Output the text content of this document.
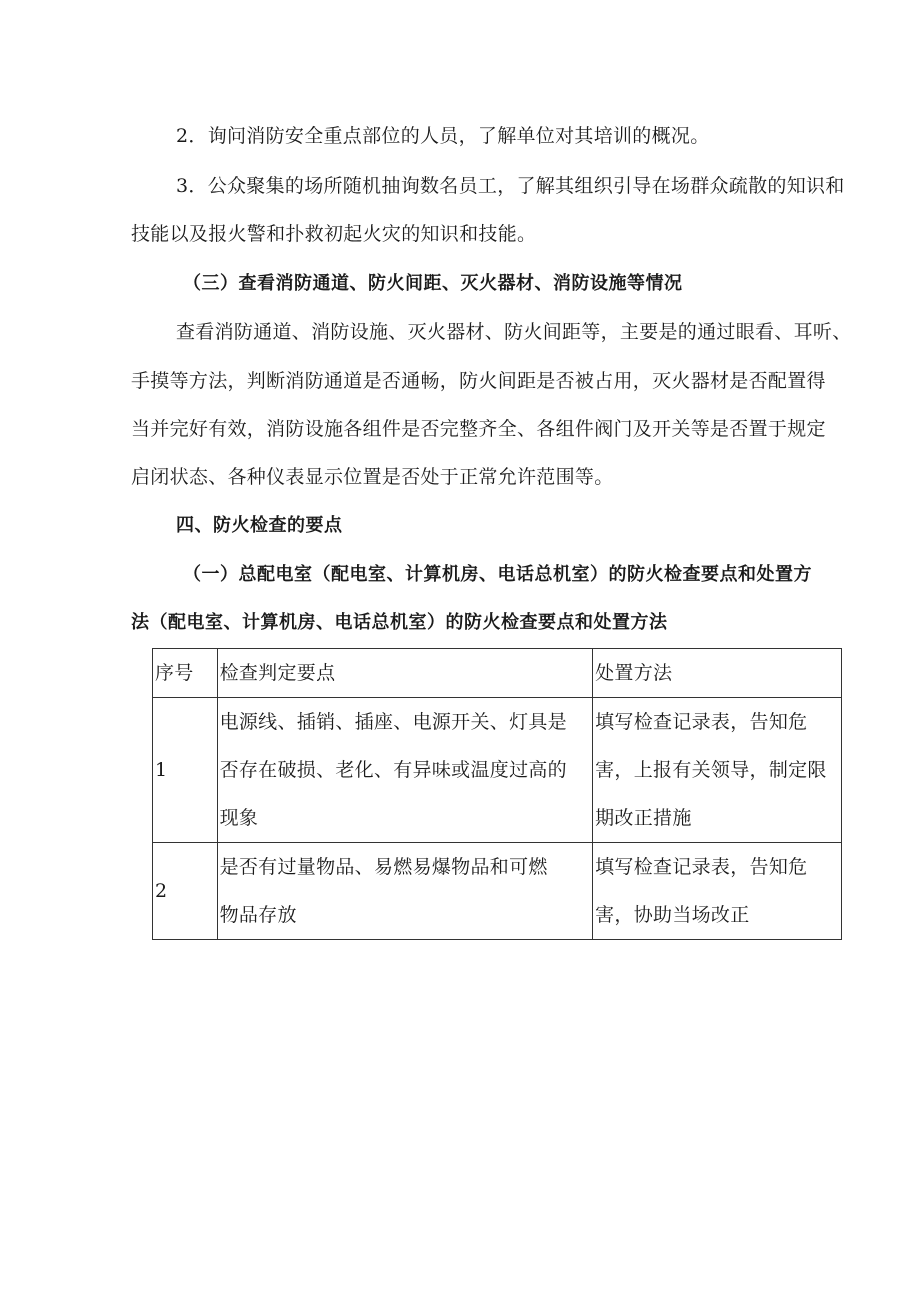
2．询问消防安全重点部位的人员，了解单位对其培训的概况。
3．公众聚集的场所随机抽询数名员工，了解其组织引导在场群众疏散的知识和
技能以及报火警和扑救初起火灾的知识和技能。
（三）查看消防通道、防火间距、灭火器材、消防设施等情况
查看消防通道、消防设施、灭火器材、防火间距等，主要是的通过眼看、耳听、
手摸等方法，判断消防通道是否通畅，防火间距是否被占用，灭火器材是否配置得
当并完好有效，消防设施各组件是否完整齐全、各组件阀门及开关等是否置于规定
启闭状态、各种仪表显示位置是否处于正常允许范围等。
四、防火检查的要点
（一）总配电室（配电室、计算机房、电话总机室）的防火检查要点和处置方
法（配电室、计算机房、电话总机室）的防火检查要点和处置方法
序号	检查判定要点	处置方法
1	电源线、插销、插座、电源开关、灯具是
否存在破损、老化、有异味或温度过高的
现象	填写检查记录表，告知危
害，上报有关领导，制定限
期改正措施

2	是否有过量物品、易燃易爆物品和可燃
物品存放	填写检查记录表，告知危
害，协助当场改正
